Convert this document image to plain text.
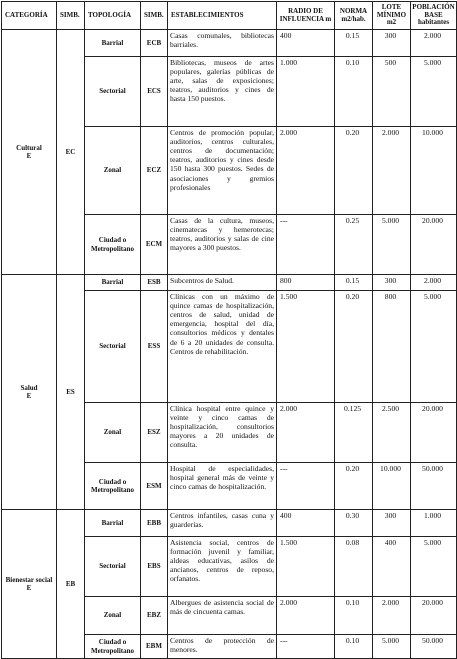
CATEGORÍA	SIMB.	TOPOLOGÍA	SIMB.	ESTABLECIMIENTOS	RADIO DE INFLUENCIA m	NORMA m2/hab.	LOTE MÍNIMO m2	POBLACIÓN BASE habitantes

Cultural
E	EC	Barrial	ECB	Casas comunales, bibliotecas barriales.	400	0.15	300	2.000
		Sectorial	ECS	Bibliotecas, museos de artes populares, galerías públicas de arte, salas de exposiciones; teatros, auditorios y cines de hasta 150 puestos.	1.000	0.10	500	5.000
		Zonal	ECZ	Centros de promoción popular, auditorios, centros culturales, centros de documentación; teatros, auditorios y cines desde 150 hasta 300 puestos. Sedes de asociaciones y gremios profesionales	2.000	0.20	2.000	10.000
		Ciudad o Metropolitano	ECM	Casas de la cultura, museos, cinematecas y hemerotecas; teatros, auditorios y salas de cine mayores a 300 puestos.	---	0.25	5.000	20.000

Salud
E	ES	Barrial	ESB	Subcentros de Salud.	800	0.15	300	2.000
		Sectorial	ESS	Clínicas con un máximo de quince camas de hospitalización, centros de salud, unidad de emergencia, hospital del día, consultorios médicos y dentales de 6 a 20 unidades de consulta. Centros de rehabilitación.	1.500	0.20	800	5.000
		Zonal	ESZ	Clínica hospital entre quince y veinte y cinco camas de hospitalización, consultorios mayores a 20 unidades de consulta.	2.000	0.125	2.500	20.000
		Ciudad o Metropolitano	ESM	Hospital de especialidades, hospital general más de veinte y cinco camas de hospitalización.	---	0.20	10.000	50.000

Bienestar social
E	EB	Barrial	EBB	Centros infantiles, casas cuna y guarderías.	400	0.30	300	1.000
		Sectorial	EBS	Asistencia social, centros de formación juvenil y familiar, aldeas educativas, asilos de ancianos, centros de reposo, orfanatos.	1.500	0.08	400	5.000
		Zonal	EBZ	Albergues de asistencia social de más de cincuenta camas.	2.000	0.10	2.000	20.000
		Ciudad o Metropolitano	EBM	Centros de protección de menores.	---	0.10	5.000	50.000
